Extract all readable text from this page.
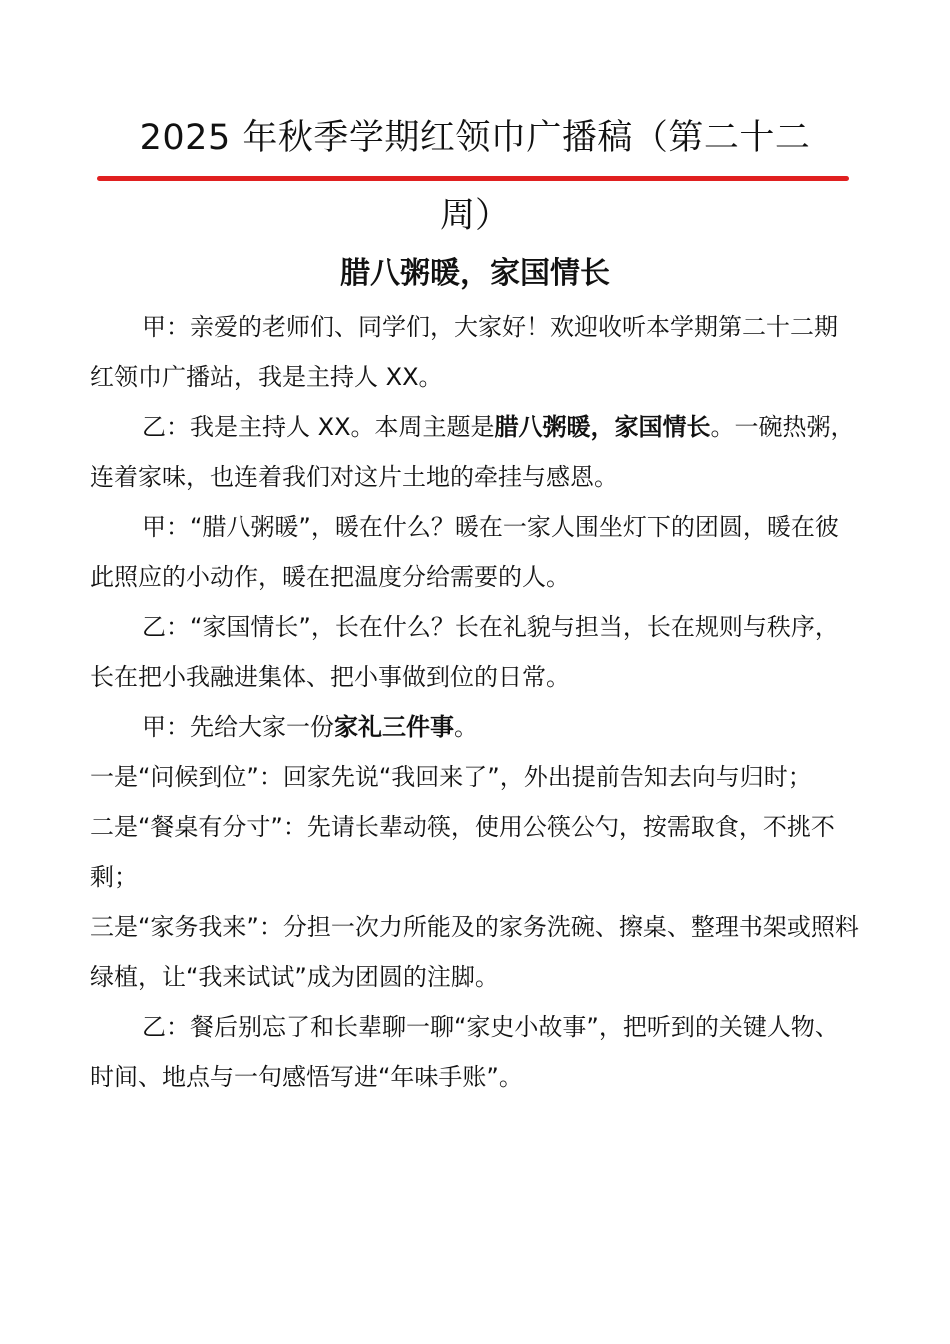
2025 年秋季学期红领巾广播稿（第二十二
周）
腊八粥暖，家国情长

甲：亲爱的老师们、同学们，大家好！欢迎收听本学期第二十二期红领巾广播站，我是主持人 XX。

乙：我是主持人 XX。本周主题是腊八粥暖，家国情长。一碗热粥，连着家味，也连着我们对这片土地的牵挂与感恩。

甲：“腊八粥暖”，暖在什么？暖在一家人围坐灯下的团圆，暖在彼此照应的小动作，暖在把温度分给需要的人。

乙：“家国情长”，长在什么？长在礼貌与担当，长在规则与秩序，长在把小我融进集体、把小事做到位的日常。

甲：先给大家一份家礼三件事。

一是“问候到位”：回家先说“我回来了”，外出提前告知去向与归时；

二是“餐桌有分寸”：先请长辈动筷，使用公筷公勺，按需取食，不挑不剩；

三是“家务我来”：分担一次力所能及的家务洗碗、擦桌、整理书架或照料绿植，让“我来试试”成为团圆的注脚。

乙：餐后别忘了和长辈聊一聊“家史小故事”，把听到的关键人物、时间、地点与一句感悟写进“年味手账”。
